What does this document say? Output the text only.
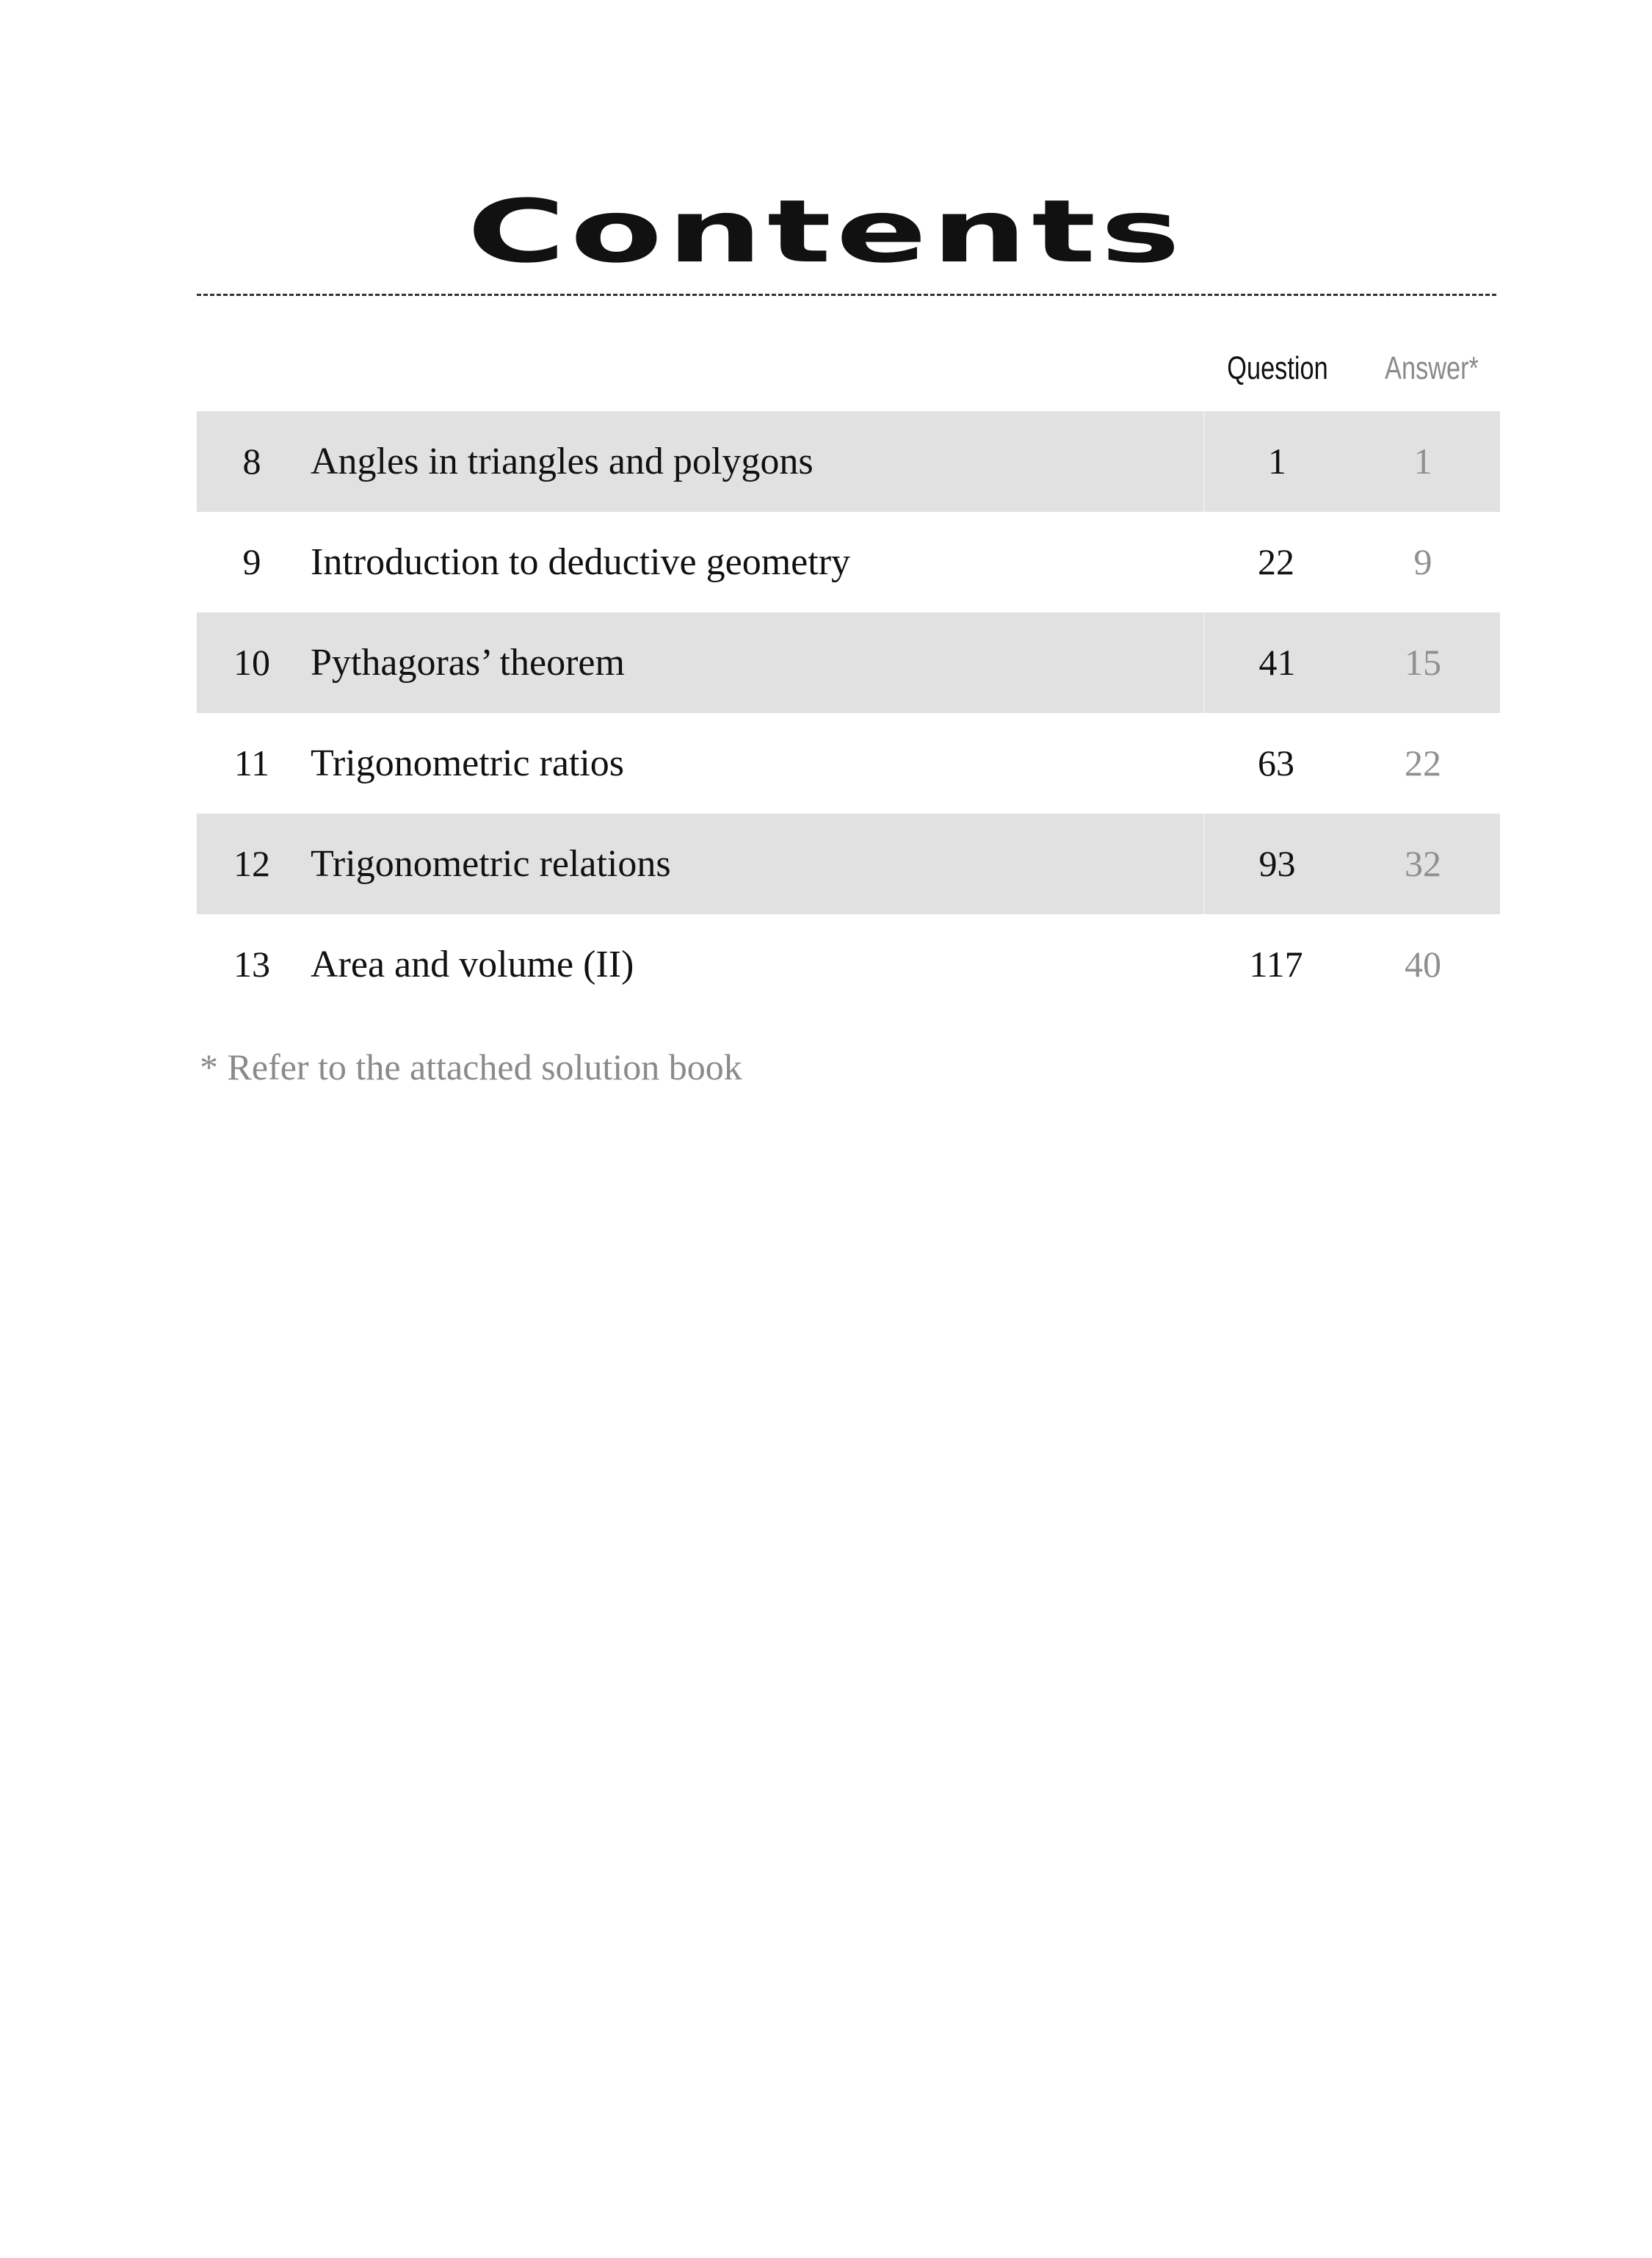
Contents
Question	Answer*
8	Angles in triangles and polygons	1	1
9	Introduction to deductive geometry	22	9
10	Pythagoras’ theorem	41	15
11	Trigonometric ratios	63	22
12	Trigonometric relations	93	32
13	Area and volume (II)	117	40
* Refer to the attached solution book
